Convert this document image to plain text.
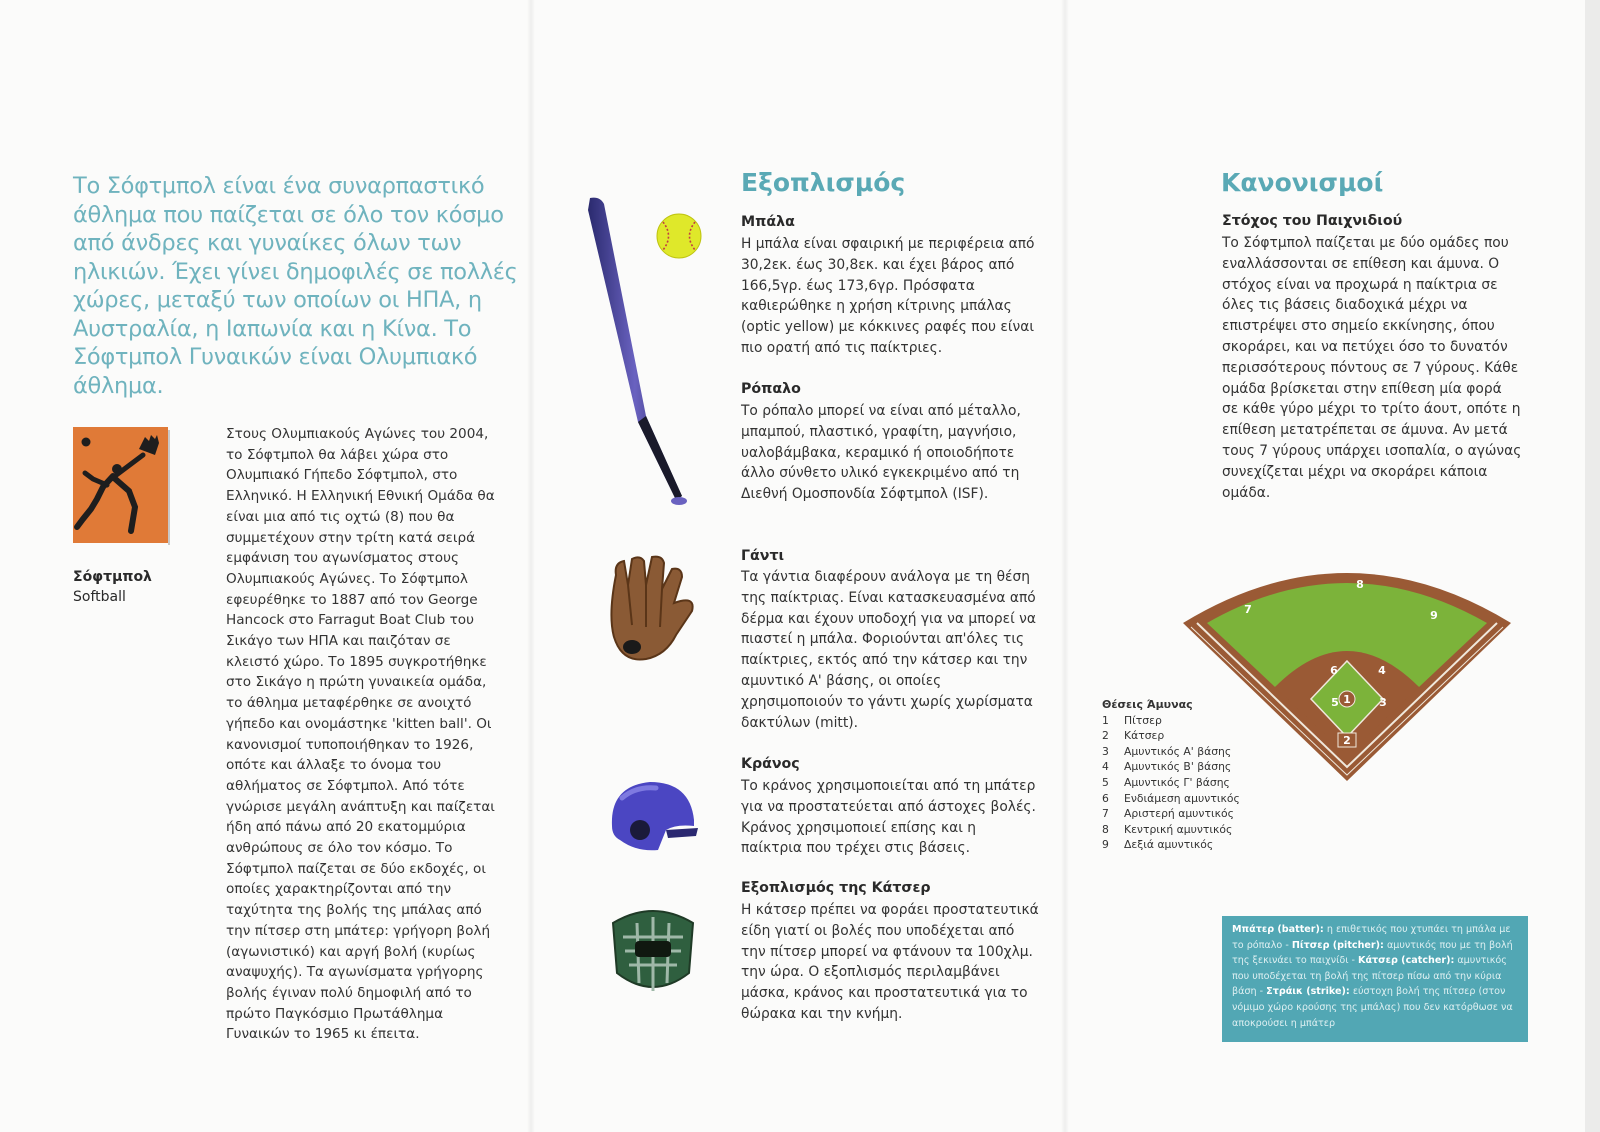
Το Σόφτμπολ είναι ένα συναρπαστικό άθλημα που παίζεται σε όλο τον κόσμο από άνδρες και γυναίκες όλων των ηλικιών. Έχει γίνει δημοφιλές σε πολλές χώρες, μεταξύ των οποίων οι ΗΠΑ, η Αυστραλία, η Ιαπωνία και η Κίνα. Το Σόφτμπολ Γυναικών είναι Ολυμπιακό άθλημα.

Σόφτμπολ
Softball

Στους Ολυμπιακούς Αγώνες του 2004, το Σόφτμπολ θα λάβει χώρα στο Ολυμπιακό Γήπεδο Σόφτμπολ, στο Ελληνικό. Η Ελληνική Εθνική Ομάδα θα είναι μια από τις οχτώ (8) που θα συμμετέχουν στην τρίτη κατά σειρά εμφάνιση του αγωνίσματος στους Ολυμπιακούς Αγώνες. Το Σόφτμπολ εφευρέθηκε το 1887 από τον George Hancock στο Farragut Boat Club του Σικάγο των ΗΠΑ και παιζόταν σε κλειστό χώρο. Το 1895 συγκροτήθηκε στο Σικάγο η πρώτη γυναικεία ομάδα, το άθλημα μεταφέρθηκε σε ανοιχτό γήπεδο και ονομάστηκε 'kitten ball'. Οι κανονισμοί τυποποιήθηκαν το 1926, οπότε και άλλαξε το όνομα του αθλήματος σε Σόφτμπολ. Από τότε γνώρισε μεγάλη ανάπτυξη και παίζεται ήδη από πάνω από 20 εκατομμύρια ανθρώπους σε όλο τον κόσμο. Το Σόφτμπολ παίζεται σε δύο εκδοχές, οι οποίες χαρακτηρίζονται από την ταχύτητα της βολής της μπάλας από την πίτσερ στη μπάτερ: γρήγορη βολή (αγωνιστικό) και αργή βολή (κυρίως αναψυχής). Τα αγωνίσματα γρήγορης βολής έγιναν πολύ δημοφιλή από το πρώτο Παγκόσμιο Πρωτάθλημα Γυναικών το 1965 κι έπειτα.

Εξοπλισμός
Μπάλα

Η μπάλα είναι σφαιρική με περιφέρεια από 30,2εκ. έως 30,8εκ. και έχει βάρος από 166,5γρ. έως 173,6γρ. Πρόσφατα καθιερώθηκε η χρήση κίτρινης μπάλας (optic yellow) με κόκκινες ραφές που είναι πιο ορατή από τις παίκτριες.

Ρόπαλο

Το ρόπαλο μπορεί να είναι από μέταλλο, μπαμπού, πλαστικό, γραφίτη, μαγνήσιο, υαλοβάμβακα, κεραμικό ή οποιοδήποτε άλλο σύνθετο υλικό εγκεκριμένο από τη Διεθνή Ομοσπονδία Σόφτμπολ (ISF).

Γάντι

Τα γάντια διαφέρουν ανάλογα με τη θέση της παίκτριας. Είναι κατασκευασμένα από δέρμα και έχουν υποδοχή για να μπορεί να πιαστεί η μπάλα. Φοριούνται απ'όλες τις παίκτριες, εκτός από την κάτσερ και την αμυντικό Α' βάσης, οι οποίες χρησιμοποιούν το γάντι χωρίς χωρίσματα δακτύλων (mitt).

Κράνος

Το κράνος χρησιμοποιείται από τη μπάτερ για να προστατεύεται από άστοχες βολές. Κράνος χρησιμοποιεί επίσης και η παίκτρια που τρέχει στις βάσεις.

Εξοπλισμός της Κάτσερ

Η κάτσερ πρέπει να φοράει προστατευτικά είδη γιατί οι βολές που υποδέχεται από την πίτσερ μπορεί να φτάνουν τα 100χλμ. την ώρα. Ο εξοπλισμός περιλαμβάνει μάσκα, κράνος και προστατευτικά για το θώρακα και την κνήμη.

Κανονισμοί
Στόχος του Παιχνιδιού

Το Σόφτμπολ παίζεται με δύο ομάδες που εναλλάσσονται σε επίθεση και άμυνα. Ο στόχος είναι να προχωρά η παίκτρια σε όλες τις βάσεις διαδοχικά μέχρι να επιστρέψει στο σημείο εκκίνησης, όπου σκοράρει, και να πετύχει όσο το δυνατόν περισσότερους πόντους σε 7 γύρους. Κάθε ομάδα βρίσκεται στην επίθεση μία φορά σε κάθε γύρο μέχρι το τρίτο άουτ, οπότε η επίθεση μετατρέπεται σε άμυνα. Αν μετά τους 7 γύρους υπάρχει ισοπαλία, ο αγώνας συνεχίζεται μέχρι να σκοράρει κάποια ομάδα.

7
8
9
6	4
5 1	3
2
Θέσεις Άμυνας
1	Πίτσερ
2	Κάτσερ
3	Αμυντικός Α' βάσης
4	Αμυντικός Β' βάσης
5	Αμυντικός Γ' βάσης
6	Ενδιάμεση αμυντικός
7	Αριστερή αμυντικός
8	Κεντρική αμυντικός
9	Δεξιά αμυντικός
Μπάτερ (batter): η επιθετικός που χτυπάει τη μπάλα με το ρόπαλο - Πίτσερ (pitcher): αμυντικός που με τη βολή της ξεκινάει το παιχνίδι - Κάτσερ (catcher): αμυντικός που υποδέχεται τη βολή της πίτσερ πίσω από την κύρια βάση - Στράικ (strike): εύστοχη βολή της πίτσερ (στον νόμιμο χώρο κρούσης της μπάλας) που δεν κατόρθωσε να αποκρούσει η μπάτερ
